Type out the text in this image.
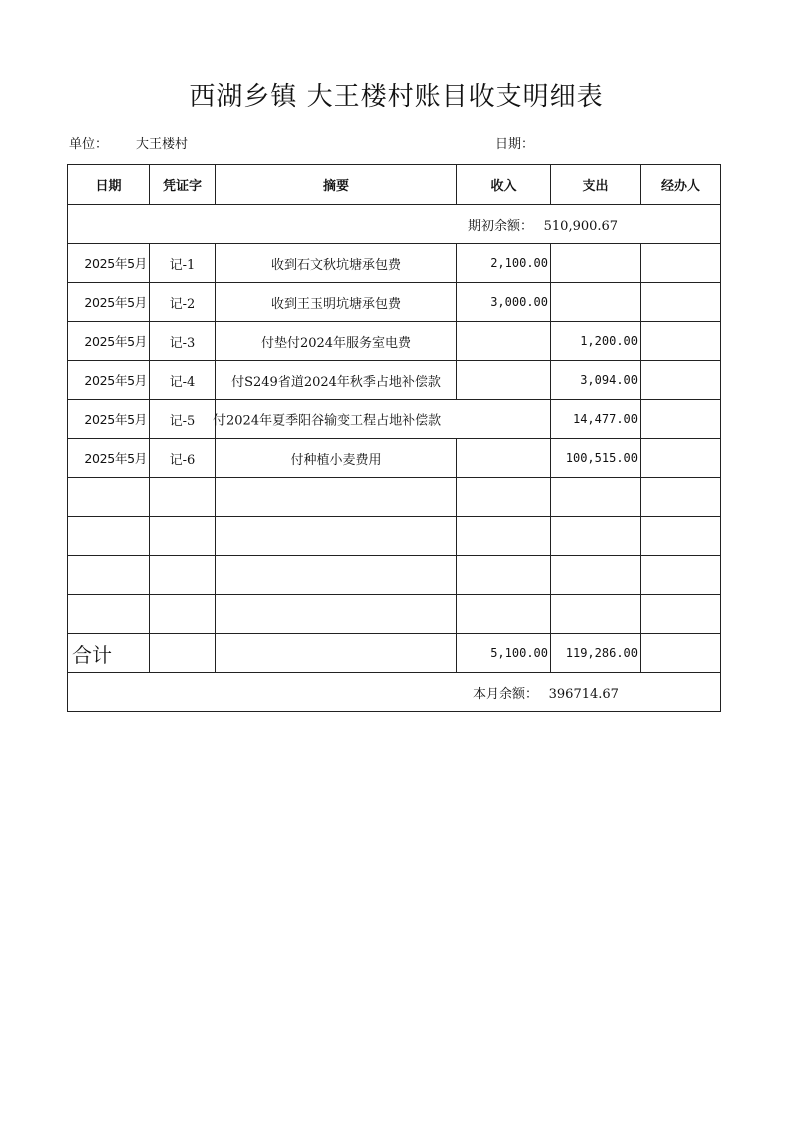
西湖乡镇 大王楼村账目收支明细表
单位： 大王楼村	日期：
日期	凭证字	摘要	收入	支出	经办人
期初余额：　 510,900.67					
2025年5月	记-1	收到石文秋坑塘承包费	2,100.00		
2025年5月	记-2	收到王玉明坑塘承包费	3,000.00		
2025年5月	记-3	付垫付2024年服务室电费		1,200.00	
2025年5月	记-4	付S249省道2024年秋季占地补偿款		3,094.00	
2025年5月	记-5	付2024年夏季阳谷输变工程占地补偿款		14,477.00	
2025年5月	记-6	付种植小麦费用		100,515.00	

合计			5,100.00	119,286.00	
本月余额：　 396714.67					
